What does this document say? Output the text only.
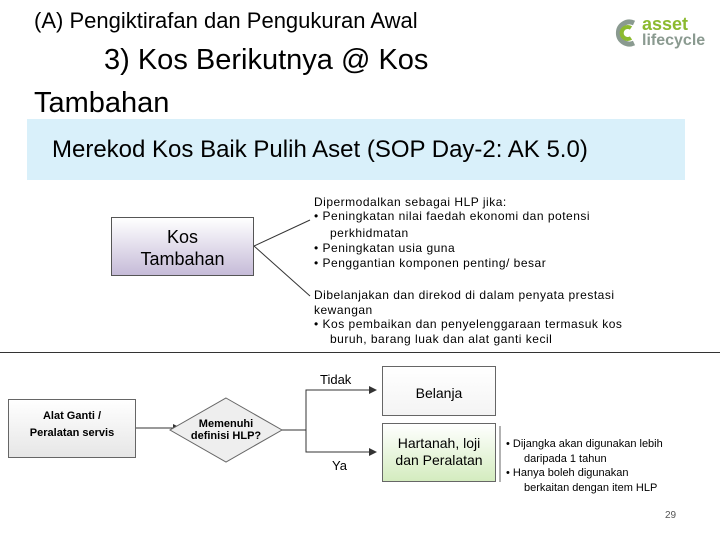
(A) Pengiktirafan dan Pengukuran Awal
3) Kos Berikutnya @ Kos
Tambahan
asset
lifecycle
Merekod Kos Baik Pulih Aset (SOP Day-2: AK 5.0)
Kos
Tambahan
Dipermodalkan sebagai HLP jika:
• Peningkatan nilai faedah ekonomi dan potensi
perkhidmatan
• Peningkatan usia guna
• Penggantian komponen penting/ besar
Dibelanjakan dan direkod di dalam penyata prestasi
kewangan
• Kos pembaikan dan penyelenggaraan termasuk kos
buruh, barang luak dan alat ganti kecil
Alat Ganti /
Peralatan servis
Memenuhi
definisi HLP?
Tidak
Ya
Belanja
Hartanah, loji
dan Peralatan
• Dijangka akan digunakan lebih
daripada 1 tahun
• Hanya boleh digunakan
berkaitan dengan item HLP
29
